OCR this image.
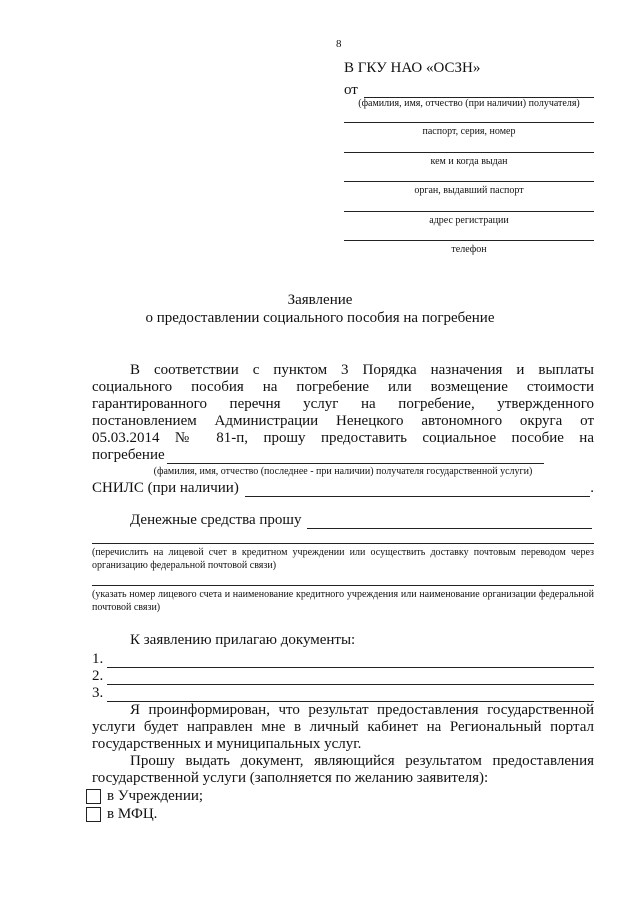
8
В ГКУ НАО «ОСЗН»
от
(фамилия, имя, отчество (при наличии) получателя)
паспорт, серия, номер
кем и когда выдан
орган, выдавший паспорт
адрес регистрации
телефон
Заявление
о предоставлении социального пособия на погребение
В соответствии с пунктом 3 Порядка назначения и выплаты
социального пособия на погребение или возмещение стоимости
гарантированного перечня услуг на погребение, утвержденного
постановлением Администрации Ненецкого автономного округа от
05.03.2014 № 81-п, прошу предоставить социальное пособие на
погребение
(фамилия, имя, отчество (последнее - при наличии) получателя государственной услуги)
СНИЛС (при наличии)	.
Денежные средства прошу
(перечислить на лицевой счет в кредитном учреждении или осуществить доставку почтовым переводом через организацию федеральной почтовой связи)
(указать номер лицевого счета и наименование кредитного учреждения или наименование организации федеральной почтовой связи)
К заявлению прилагаю документы:
1.
2.
3.
Я проинформирован, что результат предоставления государственной
услуги будет направлен мне в личный кабинет на Региональный портал
государственных и муниципальных услуг.
Прошу выдать документ, являющийся результатом предоставления
государственной услуги (заполняется по желанию заявителя):
в Учреждении;
в МФЦ.
